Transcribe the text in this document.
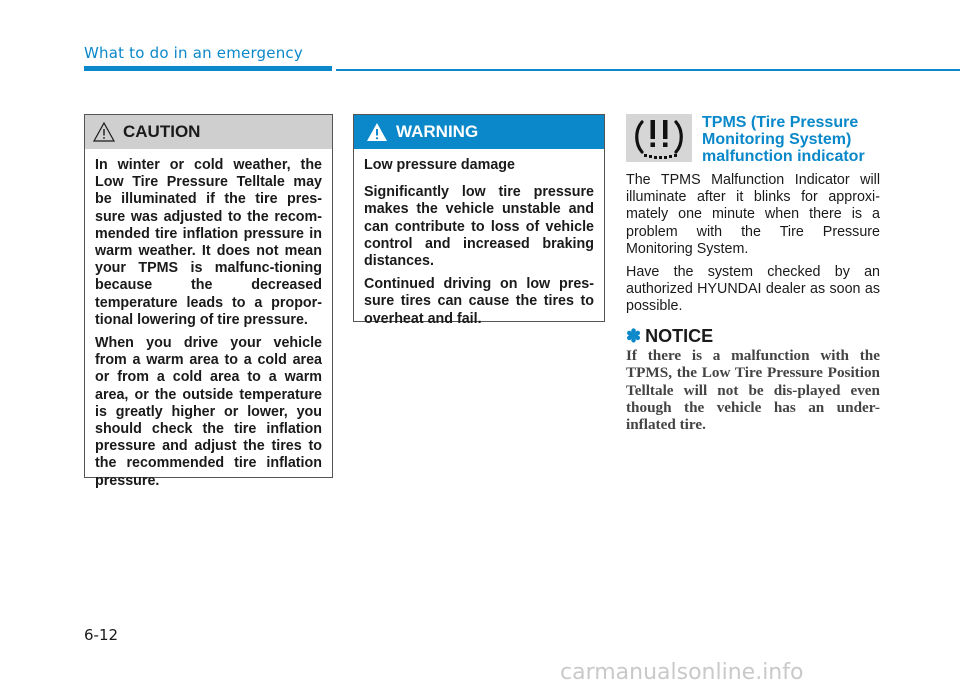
What to do in an emergency
CAUTION

In winter or cold weather, the Low Tire Pressure Telltale may be illuminated if the tire pres-sure was adjusted to the recom-mended tire inflation pressure in warm weather. It does not mean your TPMS is malfunc-tioning because the decreased temperature leads to a propor-tional lowering of tire pressure.

When you drive your vehicle from a warm area to a cold area or from a cold area to a warm area, or the outside temperature is greatly higher or lower, you should check the tire inflation pressure and adjust the tires to the recommended tire inflation pressure.

WARNING

Low pressure damage

Significantly low tire pressure makes the vehicle unstable and can contribute to loss of vehicle control and increased braking distances.

Continued driving on low pres-sure tires can cause the tires to overheat and fail.

TPMS (Tire Pressure Monitoring System) malfunction indicator

The TPMS Malfunction Indicator will illuminate after it blinks for approxi-mately one minute when there is a problem with the Tire Pressure Monitoring System.

Have the system checked by an authorized HYUNDAI dealer as soon as possible.

✽ NOTICE
If there is a malfunction with the TPMS, the Low Tire Pressure Position Telltale will not be dis-played even though the vehicle has an under-inflated tire.
6-12
carmanualsonline.info
